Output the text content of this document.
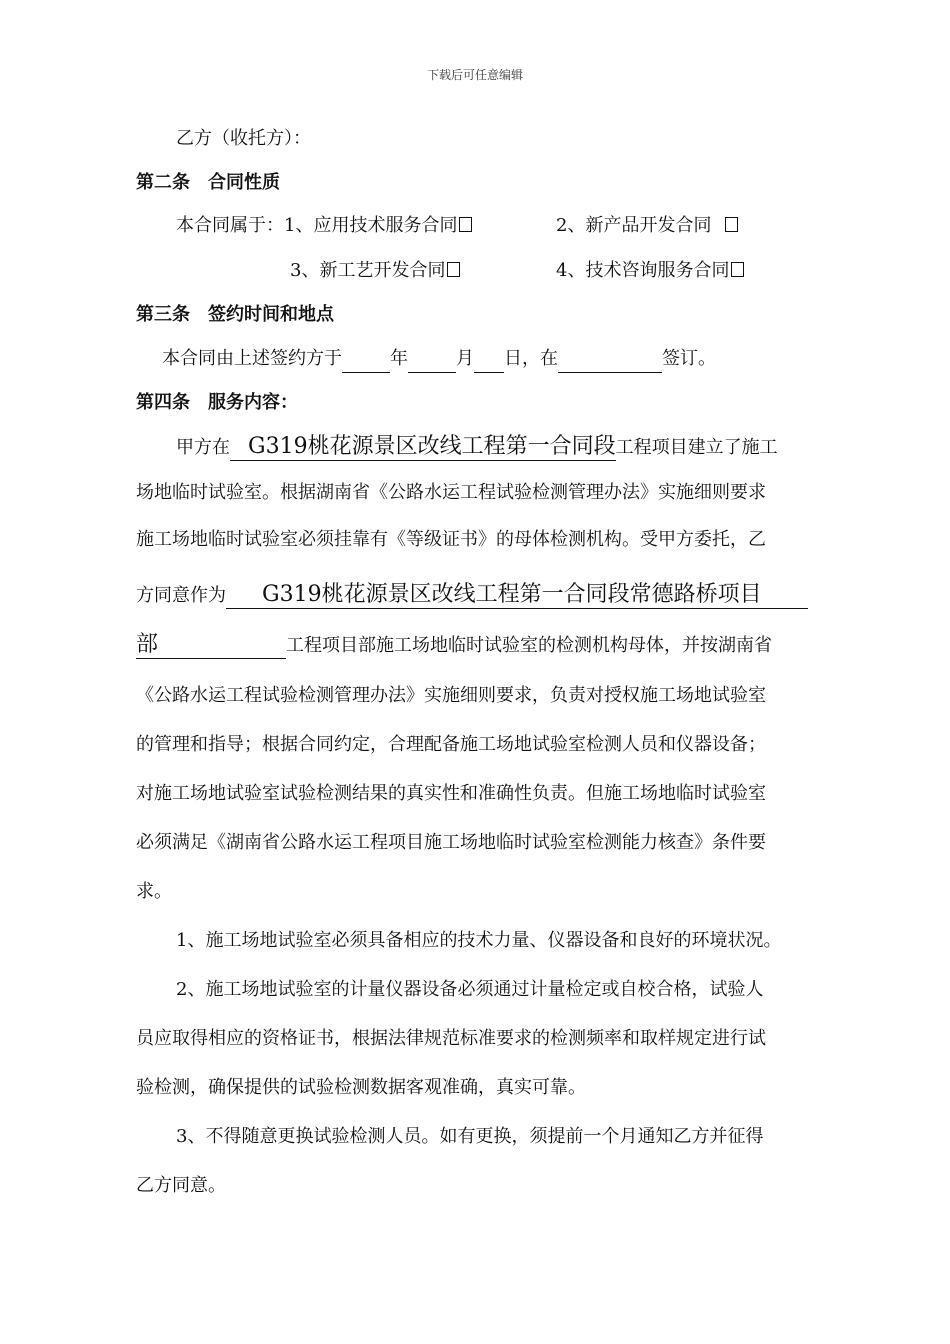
下载后可任意编辑
乙方（收托方）：
第二条　合同性质
本合同属于：1、应用技术服务合同	2、新产品开发合同
3、新工艺开发合同	4、技术咨询服务合同
第三条　签约时间和地点
本合同由上述签约方于	年	月 日，在	签订。
第四条　服务内容：
甲方在 G319桃花源景区改线工程第一合同段工程项目建立了施工
场地临时试验室。根据湖南省《公路水运工程试验检测管理办法》实施细则要求
施工场地临时试验室必须挂靠有《等级证书》的母体检测机构。受甲方委托，乙
方同意作为 G319桃花源景区改线工程第一合同段常德路桥项目
部	工程项目部施工场地临时试验室的检测机构母体，并按湖南省
《公路水运工程试验检测管理办法》实施细则要求，负责对授权施工场地试验室
的管理和指导；根据合同约定，合理配备施工场地试验室检测人员和仪器设备；
对施工场地试验室试验检测结果的真实性和准确性负责。但施工场地临时试验室
必须满足《湖南省公路水运工程项目施工场地临时试验室检测能力核查》条件要
求。
1、施工场地试验室必须具备相应的技术力量、仪器设备和良好的环境状况。
2、施工场地试验室的计量仪器设备必须通过计量检定或自校合格，试验人
员应取得相应的资格证书，根据法律规范标准要求的检测频率和取样规定进行试
验检测，确保提供的试验检测数据客观准确，真实可靠。
3、不得随意更换试验检测人员。如有更换，须提前一个月通知乙方并征得
乙方同意。
